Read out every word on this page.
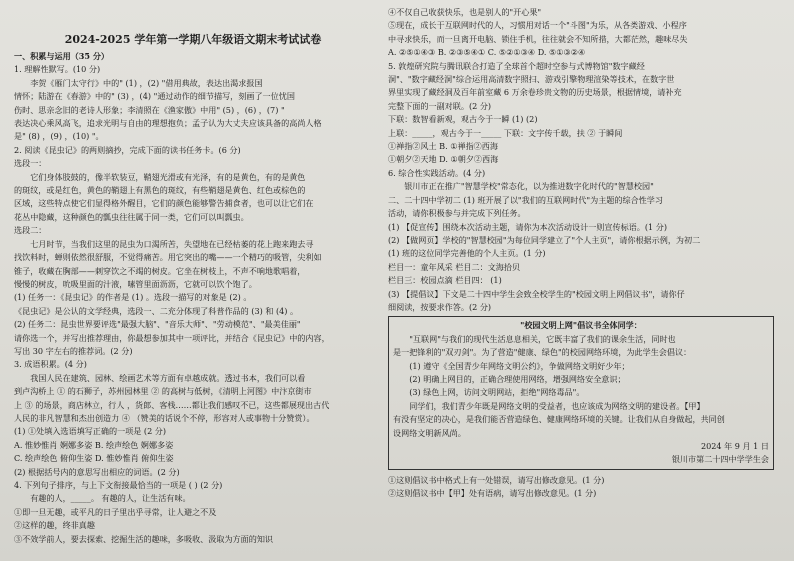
2024-2025 学年第一学期八年级语文期末考试试卷

一、积累与运用（35 分）

1. 理解性默写。(10 分)

李贺《雁门太守行》中的" (1) ，(2) "借用典故，表达出渴求报国

情怀；陆游在《春游》中的" (3) ，(4) "通过动作的细节描写，刻画了一位忧国

伤时、思亲念旧的老诗人形象；李清照在《渔家傲》中用" (5) ，(6) ，(7) "

表达决心乘风高飞，追求光明与自由的理想抱负；孟子认为大丈夫应该具备的高尚人格

是" (8) ，(9) ，(10) "。

2. 阅读《昆虫记》的两则摘抄，完成下面的读书任务卡。(6 分)

选段一：

它们身体肢鼓的，像半软装豆，鞘翅光滑或有光泽，有的是黄色，有的是黄色

的斑纹，或是红色，黄色的鞘翅上有黑色的斑纹，有些鞘翅是黄色、红色或棕色的

区域，这些特点使它们显得格外醒目，它们的颜色能够警告捕食者，也可以让它们在

花丛中隐藏，这种颜色的瓢虫往往属于同一类，它们可以叫瓢虫。

选段二：

七月时节，当我们这里的昆虫为口渴所苦，失望地在已经枯萎的花上跑来跑去寻

找饮料时，蝉则依然很舒服，不觉得痛苦。用它突出的嘴——一个精巧的吸管，尖利如

锥子，收藏在胸部——刺穿饮之不竭的树皮。它坐在树枝上，不声不响地歌唱着，

慢慢的树皮，吮吸里面的汁液，嗉管里面沥沥，它就可以饮个饱了。

(1) 任务一：《昆虫记》的作者是 (1) 。选段一描写的对象是 (2) 。

《昆虫记》是公认的文学经典，选段一、二充分体现了科普作品的 (3) 和 (4) 。

(2) 任务二：昆虫世界要评选"最强大脑"、"音乐大师"、"劳动模范"、"最美佳丽"

请你选一个，并写出推荐理由，你最想参加其中一项评比，并结合《昆虫记》中的内容，

写出 30 字左右的推荐词。(2 分)

3. 成语积累。(4 分)

我国人民在建筑、园林、绘画艺术等方面有卓越成就。透过书本，我们可以看

到卢沟桥上 ① 的石狮子，苏州园林里 ② 的高树与低树，《清明上河图》中汴京街市

上 ③ 的场景，商店林立，行人 ，货郎、客栈……都让我们感叹不已，这些都展现出古代

人民的非凡智慧和杰出创造力 ④ （赞美的话说个不停，形容对人或事物十分赞赏）。

(1) ①处填入选语填写正确的一项是 (2 分)

A. 惟妙惟肖 婀娜多姿 B. 绘声绘色 婀娜多姿

C. 绘声绘色 俯仰生姿 D. 惟妙惟肖 俯仰生姿

(2) 根据括号内的意思写出相应的词语。(2 分)

4. 下列句子排序，与上下文衔接最恰当的一项是 ( ) (2 分)

有趣的人，_____。 有趣的人，让生活有味。

①即一旦无趣，或平凡的日子里出乎寻常，让人避之不及

②这样的趣，终非真趣

③不效学前人，要去探索、挖掘生活的趣味，多吸收、汲取为方面的知识

④不仅自己收获快乐，也是别人的"开心果"

⑤现在，成长于互联网时代的人，习惯用对话一个"斗图"为乐，从各类游戏、小程序

中寻求快乐，而一旦离开电脑、锁住手机，往往就会不知所措，大都茫然，趣味尽失

A. ②⑤①④③ B. ②③⑤④① C. ⑤②①③④ D. ⑤①③②④

5. 敦煌研究院与腾讯联合打造了全球首个超时空参与式博物馆"数字藏经

洞"、"数字藏经洞"综合运用高清数字照扫、游戏引擎物理渲染等技术，在数字世

界里实现了藏经洞及百年前室藏 6 万余卷珍贵文物的历史场景，根据情境，请补充

完整下面的一副对联。(2 分)

下联：数智看新观，观古今于一瞬 (1) (2)

上联：_____，观古今于一_____ 下联：文字传千载，扶 ② 于瞬间

①禅指②风土 B. ①禅指②西海

①朝夕②天地 D. ①朝夕②西海

6. 综合性实践活动。(4 分)

银川市正在推广"智慧学校"常态化，以为推进数字化时代的"智慧校园"

二、二十四中学初二 (1) 班开展了以"我们的互联网时代"为主题的综合性学习

活动，请你积极参与并完成下列任务。

(1) 【促宣传】围绕本次活动主题，请你为本次活动设计一则宣传标语。(1 分)

(2) 【做网页】学校的"智慧校园"为每位同学建立了"个人主页"，请你根据示例，为初二

(1) 班的这位同学完善他的个人主页。(1 分)

栏目一：童年风采 栏目二：文海拾贝

栏目三：校园点滴 栏目四： (1)

(3) 【提倡议】下文是二十四中学生会致全校学生的"校园文明上网倡议书"，请你仔

细阅读，按要求作答。(2 分)

"校园文明上网"倡议书全体同学：

"互联网"与我们的现代生活息息相关，它既丰富了我们的课余生活，同时也

是一把锋利的"双刃剑"。为了营造"健康、绿色"的校园网络环境，为此学生会倡议：

(1) 遵守《全国青少年网络文明公约》，争做网络文明好少年；

(2) 明确上网目的，正确合理使用网络，增强网络安全意识；

(3) 绿色上网，访问文明网站，拒绝"网络毒品"。

同学们，我们青少年既是网络文明的受益者，也应该成为网络文明的建设者。【甲】

有没有坚定的决心，是我们能否营造绿色、健康网络环境的关键。让我们从自身做起，共同创

设网络文明新风尚。

2024 年 9 月 1 日

银川市第二十四中学学生会

①这则倡议书中格式上有一处错误，请写出修改意见。(1 分)

②这则倡议书中【甲】处有语病，请写出修改意见。(1 分)
